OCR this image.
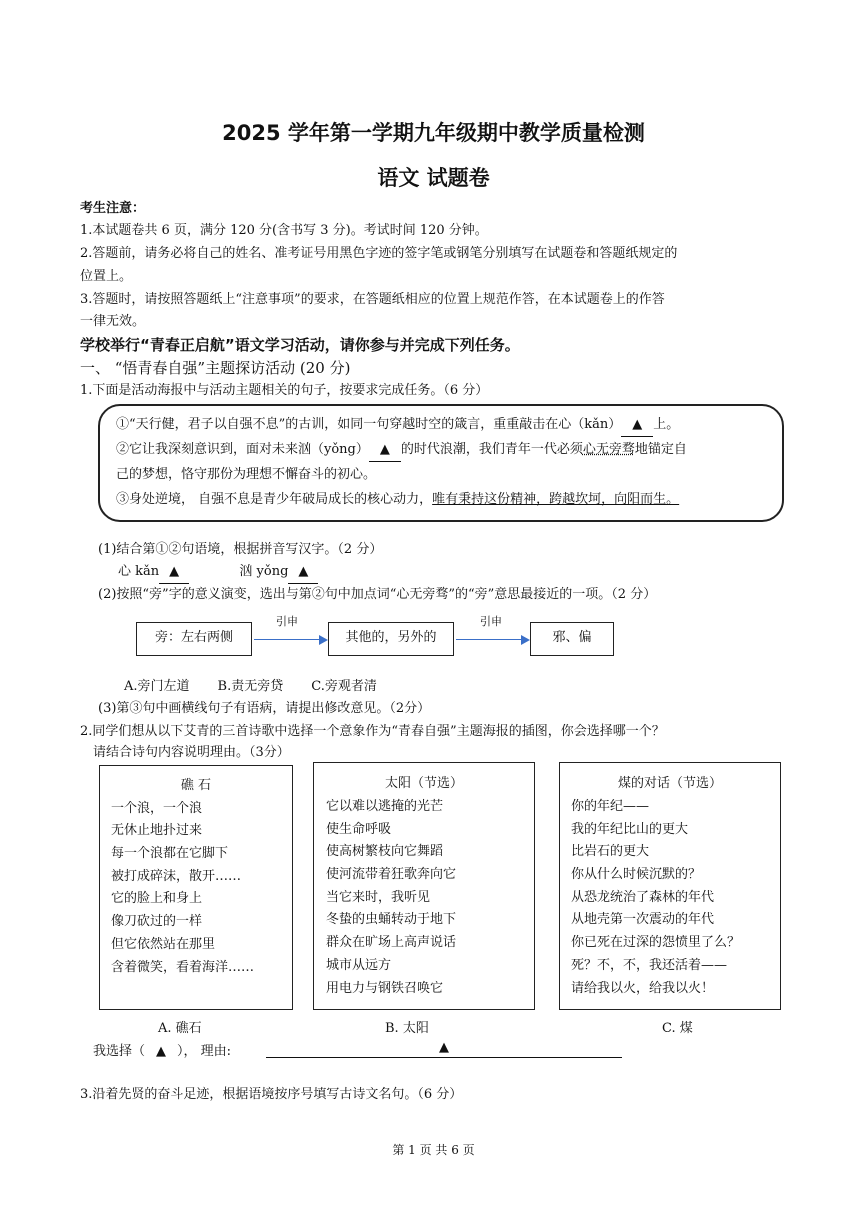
2025 学年第一学期九年级期中教学质量检测
语文 试题卷
考生注意：
1.本试题卷共 6 页，满分 120 分(含书写 3 分)。考试时间 120 分钟。
2.答题前，请务必将自己的姓名、准考证号用黑色字迹的签字笔或钢笔分别填写在试题卷和答题纸规定的
位置上。
3.答题时，请按照答题纸上“注意事项”的要求，在答题纸相应的位置上规范作答，在本试题卷上的作答
一律无效。
学校举行“青春正启航”语文学习活动，请你参与并完成下列任务。
一、 “悟青春自强”主题探访活动 (20 分)
1.下面是活动海报中与活动主题相关的句子，按要求完成任务。（6 分）
①“天行健，君子以自强不息”的古训，如同一句穿越时空的箴言，重重敲击在心（kǎn） ▲ 上。
②它让我深刻意识到，面对未来汹（yǒng） ▲ 的时代浪潮，我们青年一代必须心无旁骛地锚定自
己的梦想，恪守那份为理想不懈奋斗的初心。
③身处逆境， 自强不息是青少年破局成长的核心动力，唯有秉持这份精神，跨越坎坷，向阳而生。
(1)结合第①②句语境，根据拼音写汉字。（2 分）
心 kǎn ▲	汹 yǒng ▲
(2)按照“旁”字的意义演变，选出与第②句中加点词“心无旁骛”的“旁”意思最接近的一项。（2 分）
旁：左右两侧
引申
其他的，另外的
引申
邪、偏
A.旁门左道 B.责无旁贷 C.旁观者清
(3)第③句中画横线句子有语病，请提出修改意见。（2分）
2.同学们想从以下艾青的三首诗歌中选择一个意象作为“青春自强”主题海报的插图，你会选择哪一个？
请结合诗句内容说明理由。（3分）
礁 石
一个浪，一个浪
无休止地扑过来
每一个浪都在它脚下
被打成碎沫，散开……
它的脸上和身上
像刀砍过的一样
但它依然站在那里
含着微笑，看着海洋……
太阳（节选）
它以难以逃掩的光芒
使生命呼吸
使高树繁枝向它舞蹈
使河流带着狂歌奔向它
当它来时，我听见
冬蛰的虫蛹转动于地下
群众在旷场上高声说话
城市从远方
用电力与钢铁召唤它
煤的对话（节选）
你的年纪——
我的年纪比山的更大
比岩石的更大
你从什么时候沉默的？
从恐龙统治了森林的年代
从地壳第一次震动的年代
你已死在过深的怨愤里了么？
死？不，不，我还活着——
请给我以火，给我以火！
A. 礁石	B. 太阳	C. 煤
我选择（ ▲ ）， 理由:	▲
3.沿着先贤的奋斗足迹，根据语境按序号填写古诗文名句。（6 分）
第 1 页 共 6 页
